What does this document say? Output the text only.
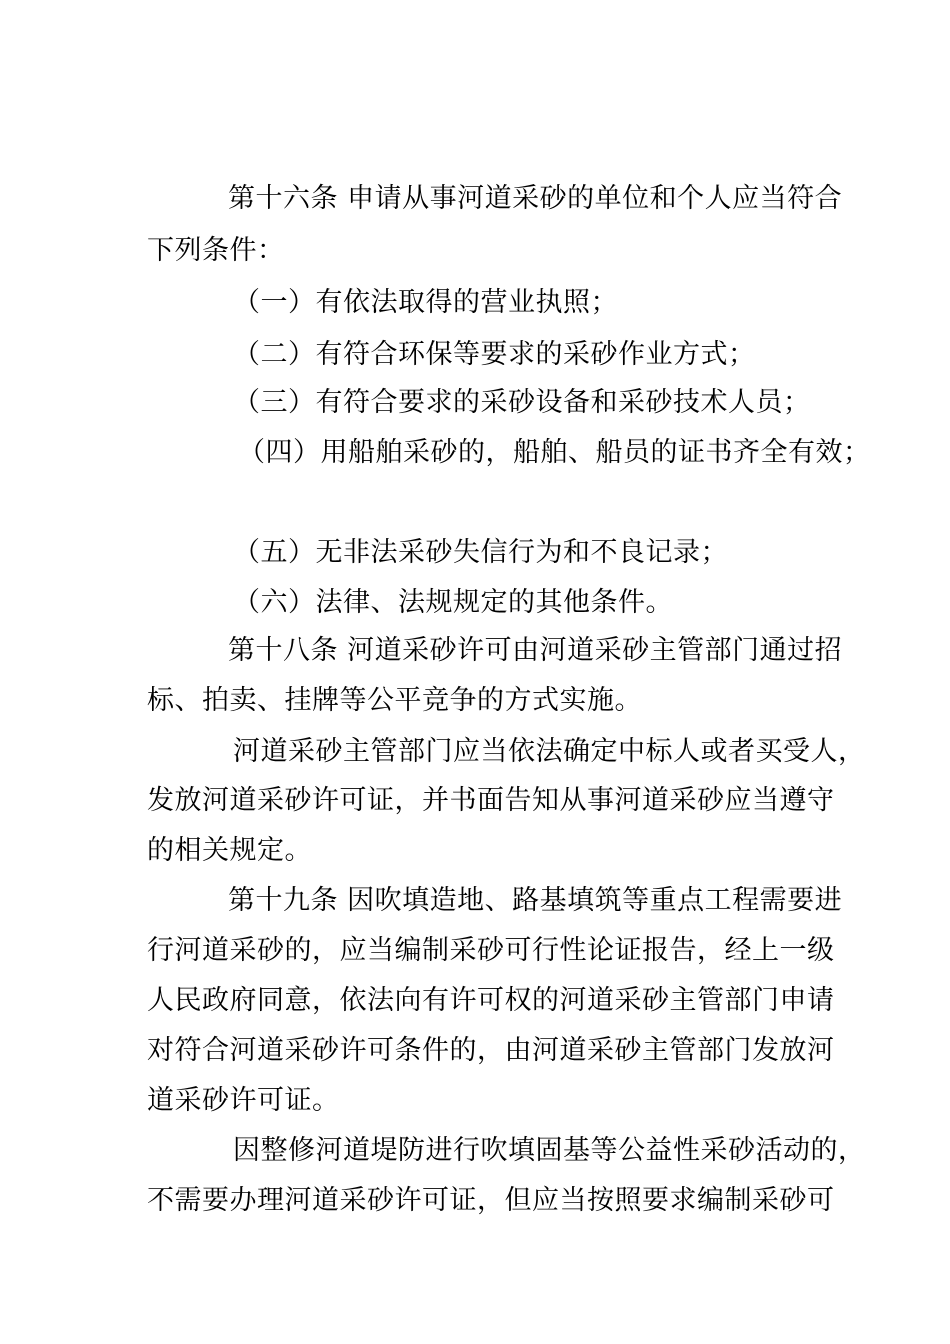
第十六条 申请从事河道采砂的单位和个人应当符合
下列条件：
（一）有依法取得的营业执照；
（二）有符合环保等要求的采砂作业方式；
（三）有符合要求的采砂设备和采砂技术人员；
（四）用船舶采砂的，船舶、船员的证书齐全有效；
（五）无非法采砂失信行为和不良记录；
（六）法律、法规规定的其他条件。
第十八条 河道采砂许可由河道采砂主管部门通过招
标、拍卖、挂牌等公平竞争的方式实施。
河道采砂主管部门应当依法确定中标人或者买受人，
发放河道采砂许可证，并书面告知从事河道采砂应当遵守
的相关规定。
第十九条 因吹填造地、路基填筑等重点工程需要进
行河道采砂的，应当编制采砂可行性论证报告，经上一级
人民政府同意，依法向有许可权的河道采砂主管部门申请
对符合河道采砂许可条件的，由河道采砂主管部门发放河
道采砂许可证。
因整修河道堤防进行吹填固基等公益性采砂活动的，
不需要办理河道采砂许可证，但应当按照要求编制采砂可
